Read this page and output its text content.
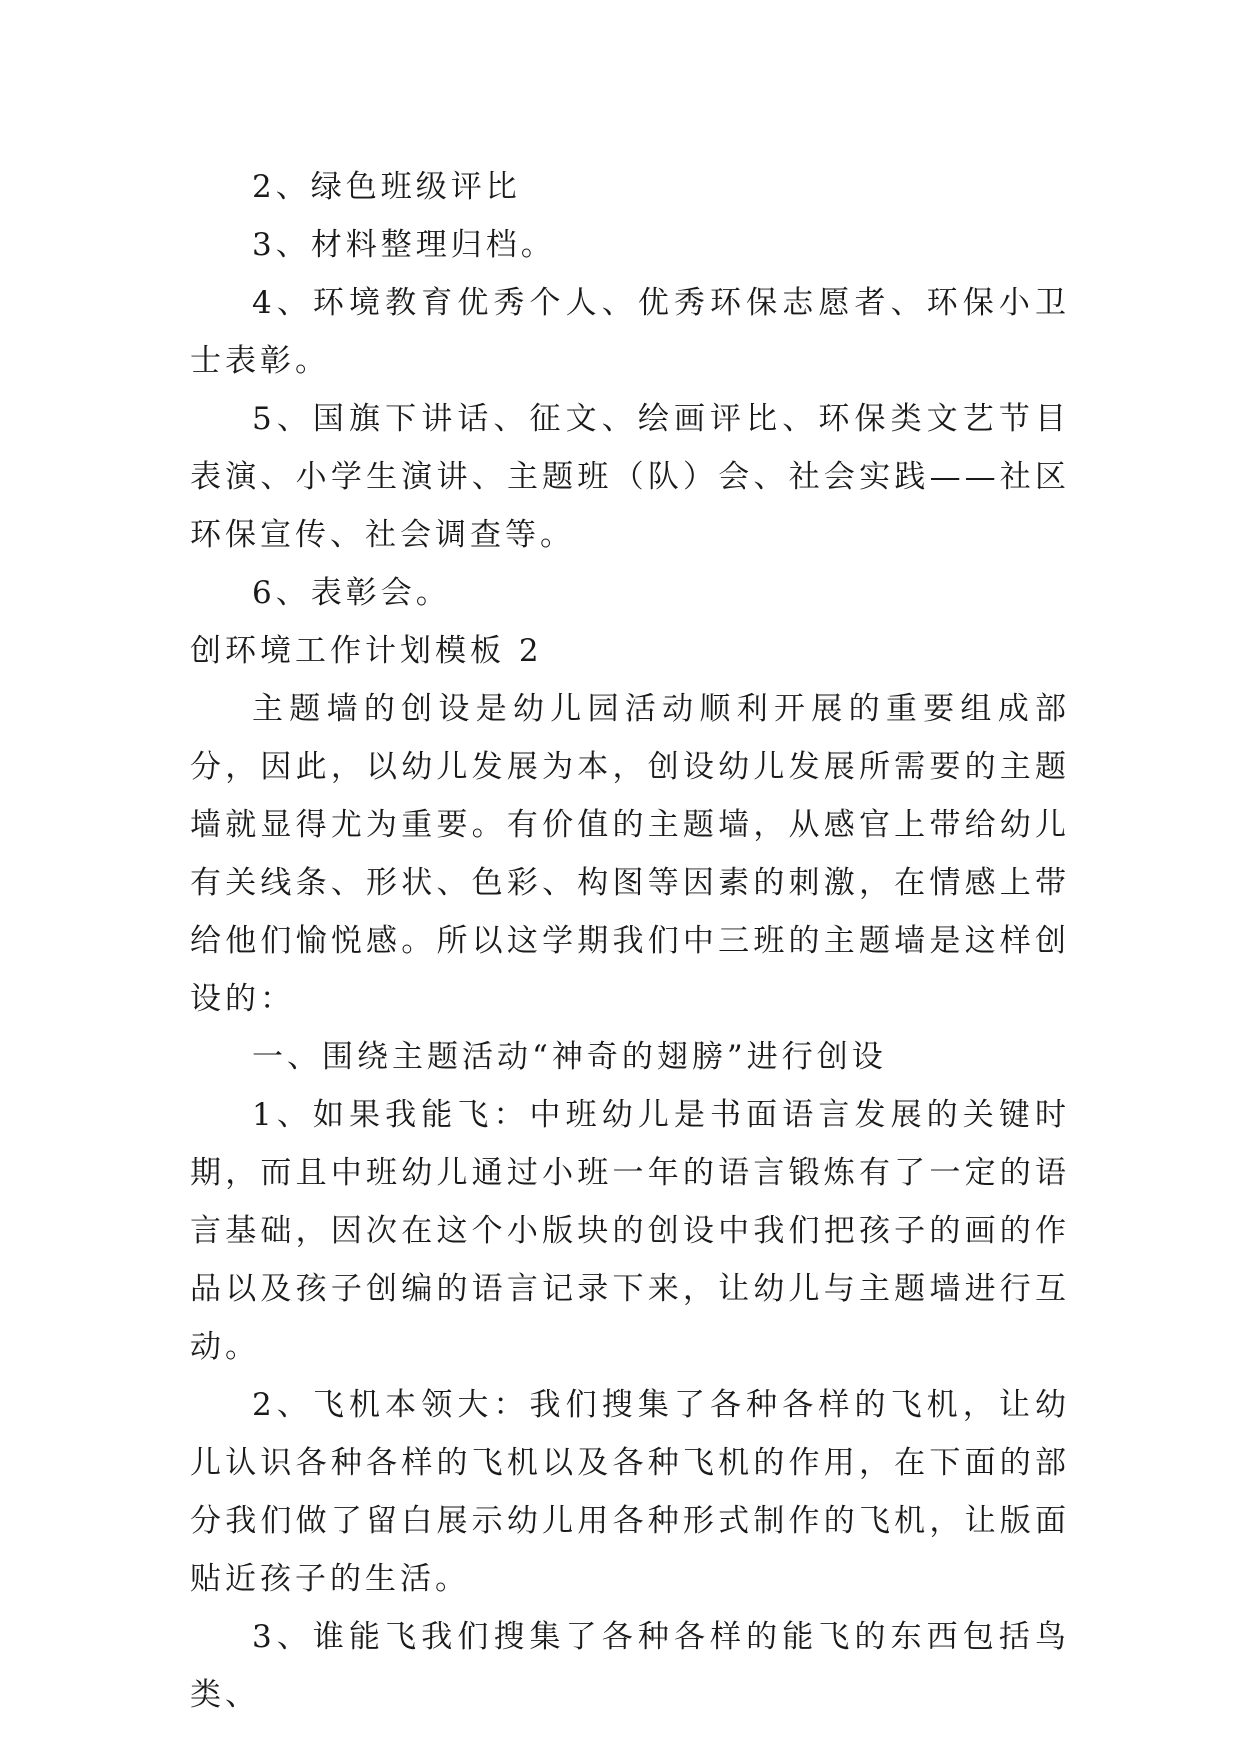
2、绿色班级评比

3、材料整理归档。

4、环境教育优秀个人、优秀环保志愿者、环保小卫士表彰。

5、国旗下讲话、征文、绘画评比、环保类文艺节目表演、小学生演讲、主题班（队）会、社会实践——社区环保宣传、社会调查等。

6、表彰会。

创环境工作计划模板 2

主题墙的创设是幼儿园活动顺利开展的重要组成部分，因此，以幼儿发展为本，创设幼儿发展所需要的主题墙就显得尤为重要。有价值的主题墙，从感官上带给幼儿有关线条、形状、色彩、构图等因素的刺激，在情感上带给他们愉悦感。所以这学期我们中三班的主题墙是这样创设的：

一、围绕主题活动“神奇的翅膀”进行创设

1、如果我能飞：中班幼儿是书面语言发展的关键时期，而且中班幼儿通过小班一年的语言锻炼有了一定的语言基础，因次在这个小版块的创设中我们把孩子的画的作品以及孩子创编的语言记录下来，让幼儿与主题墙进行互动。

2、飞机本领大：我们搜集了各种各样的飞机，让幼儿认识各种各样的飞机以及各种飞机的作用，在下面的部分我们做了留白展示幼儿用各种形式制作的飞机，让版面贴近孩子的生活。

3、谁能飞我们搜集了各种各样的能飞的东西包括鸟类、
